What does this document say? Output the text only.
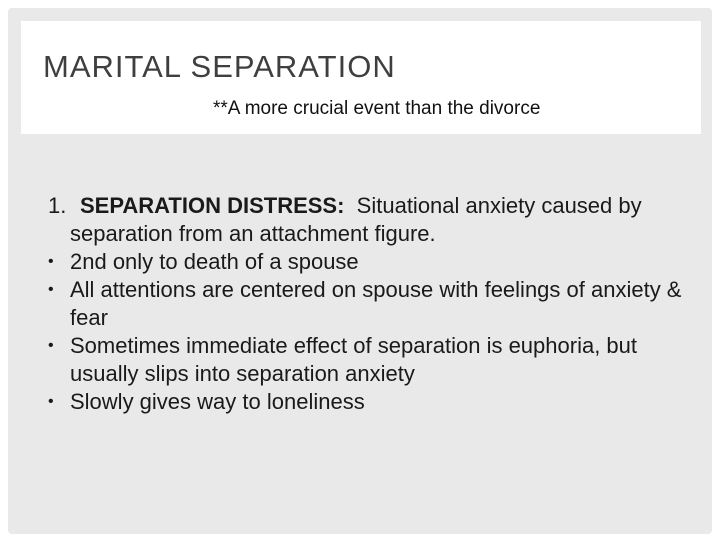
MARITAL SEPARATION
**A more crucial event than the divorce
1. SEPARATION DISTRESS: Situational anxiety caused by separation from an attachment figure.
• 2nd only to death of a spouse
• All attentions are centered on spouse with feelings of anxiety & fear
• Sometimes immediate effect of separation is euphoria, but usually slips into separation anxiety
• Slowly gives way to loneliness
